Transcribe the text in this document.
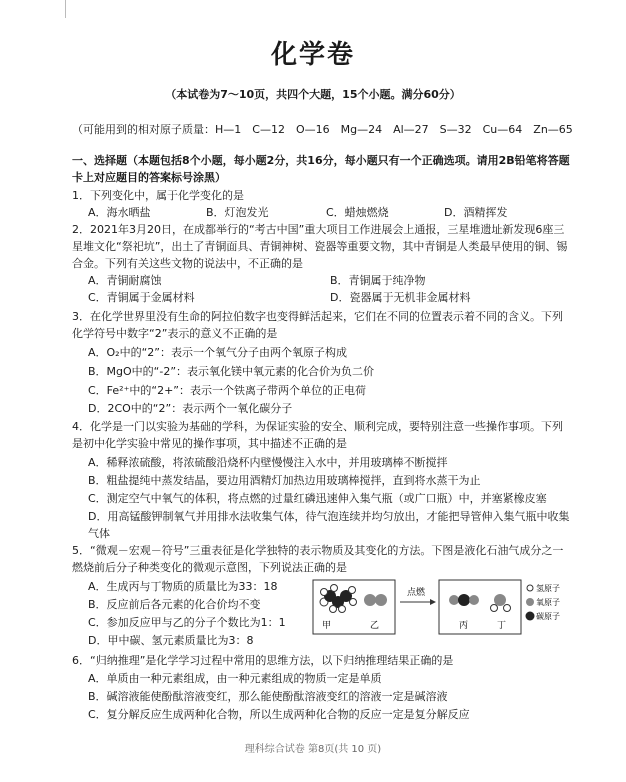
化学卷
（本试卷为7～10页，共四个大题，15个小题。满分60分）
（可能用到的相对原子质量：H—1　C—12　O—16　Mg—24　Al—27　S—32　Cu—64　Zn—65
一、选择题（本题包括8个小题，每小题2分，共16分，每小题只有一个正确选项。请用2B铅笔将答题卡上对应题目的答案标号涂黑）
1．下列变化中，属于化学变化的是
A．海水晒盐	B．灯泡发光	C．蜡烛燃烧	D．酒精挥发
2．2021年3月20日，在成都举行的“考古中国”重大项目工作进展会上通报，三星堆遗址新发现6座三星堆文化“祭祀坑”，出土了青铜面具、青铜神树、瓷器等重要文物，其中青铜是人类最早使用的铜、锡合金。下列有关这些文物的说法中，不正确的是
A．青铜耐腐蚀	B．青铜属于纯净物
C．青铜属于金属材料	D．瓷器属于无机非金属材料
3．在化学世界里没有生命的阿拉伯数字也变得鲜活起来，它们在不同的位置表示着不同的含义。下列化学符号中数字“2”表示的意义不正确的是
A．O₂中的“2”：表示一个氧气分子由两个氧原子构成
B．MgO中的“-2”：表示氧化镁中氧元素的化合价为负二价
C．Fe²⁺中的“2+”：表示一个铁离子带两个单位的正电荷
D．2CO中的“2”：表示两个一氧化碳分子
4．化学是一门以实验为基础的学科，为保证实验的安全、顺利完成，要特别注意一些操作事项。下列是初中化学实验中常见的操作事项，其中描述不正确的是
A．稀释浓硫酸，将浓硫酸沿烧杯内壁慢慢注入水中，并用玻璃棒不断搅拌
B．粗盐提纯中蒸发结晶，要边用酒精灯加热边用玻璃棒搅拌，直到将水蒸干为止
C．测定空气中氧气的体积，将点燃的过量红磷迅速伸入集气瓶（或广口瓶）中，并塞紧橡皮塞
D．用高锰酸钾制氧气并用排水法收集气体，待气泡连续并均匀放出，才能把导管伸入集气瓶中收集气体
5．“微观－宏观－符号”三重表征是化学独特的表示物质及其变化的方法。下图是液化石油气成分之一燃烧前后分子种类变化的微观示意图，下列说法正确的是
A．生成丙与丁物质的质量比为33：18
B．反应前后各元素的化合价均不变
C．参加反应甲与乙的分子个数比为1：1
D．甲中碳、氢元素质量比为3：8
甲	乙
点燃
丙	丁
氢原子
氧原子
碳原子
6．“归纳推理”是化学学习过程中常用的思维方法，以下归纳推理结果正确的是
A．单质由一种元素组成，由一种元素组成的物质一定是单质
B．碱溶液能使酚酞溶液变红，那么能使酚酞溶液变红的溶液一定是碱溶液
C．复分解反应生成两种化合物，所以生成两种化合物的反应一定是复分解反应
理科综合试卷 第8页(共 10 页)
